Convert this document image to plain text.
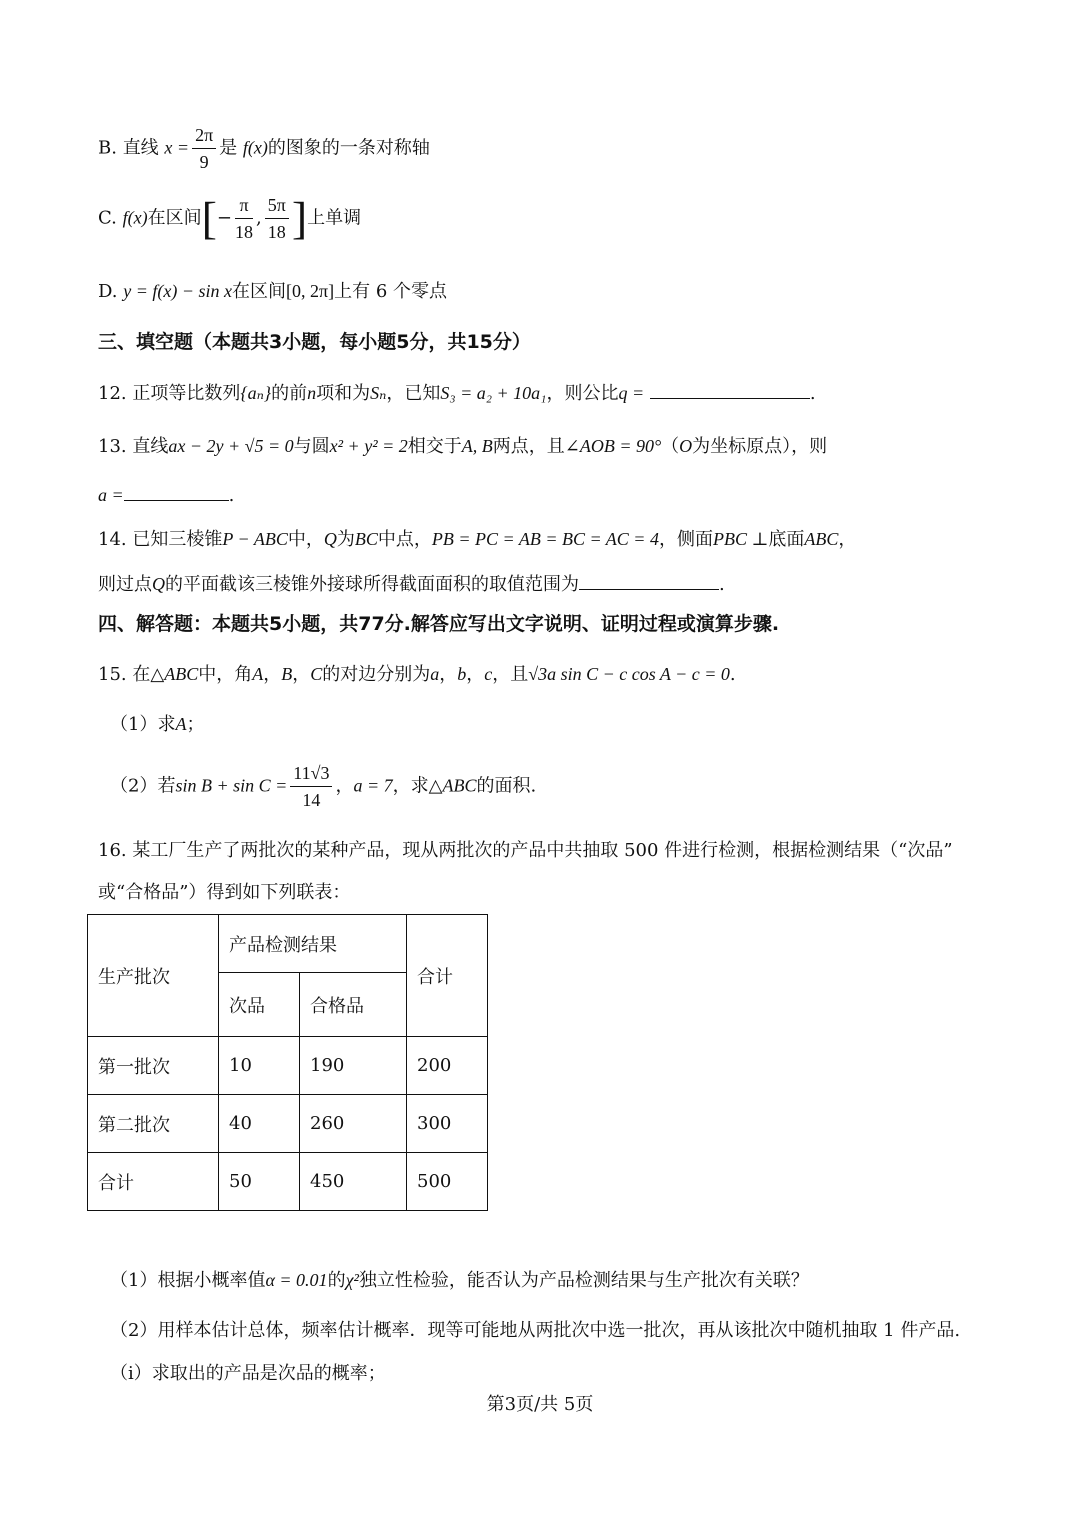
B. 直线 $x = \frac{2\pi}{9}$ 是 f(x)的图象的一条对称轴
C. f(x)在区间[− $\frac{\pi}{18}$ , $\frac{5\pi}{18}$ ]上单调
D. y = f(x) − sin x在区间[0, 2π]上有 6 个零点
三、填空题（本题共3小题，每小题5分，共15分）
12. 正项等比数列{aₙ}的前n项和为Sₙ，已知S₃ = a₂ + 10a₁，则公比q =	.
13. 直线ax − 2y + √5 = 0与圆x² + y² = 2相交于A, B两点，且∠AOB = 90°（O为坐标原点），则
a =	.
14. 已知三棱锥P − ABC中，Q为BC中点，PB = PC = AB = BC = AC = 4，侧面PBC ⊥底面ABC，
则过点Q的平面截该三棱锥外接球所得截面面积的取值范围为	.
四、解答题：本题共5小题，共77分.解答应写出文字说明、证明过程或演算步骤.
15. 在△ABC中，角A，B，C的对边分别为a，b，c，且√3a sin C − c cos A − c = 0.
（1）求A；
（2）若$\sin B + \sin C = \frac{11√3}{14}$ ，a = 7，求△ABC的面积.
16. 某工厂生产了两批次的某种产品，现从两批次的产品中共抽取 500 件进行检测，根据检测结果（“次品”
或“合格品”）得到如下列联表：
生产批次	产品检测结果		合计
	次品	合格品	
第一批次	10	190	200
第二批次	40	260	300
合计	50	450	500
（1）根据小概率值α = 0.01的χ²独立性检验，能否认为产品检测结果与生产批次有关联？
（2）用样本估计总体，频率估计概率．现等可能地从两批次中选一批次，再从该批次中随机抽取 1 件产品.
（ⅰ）求取出的产品是次品的概率；
第3页/共 5页
